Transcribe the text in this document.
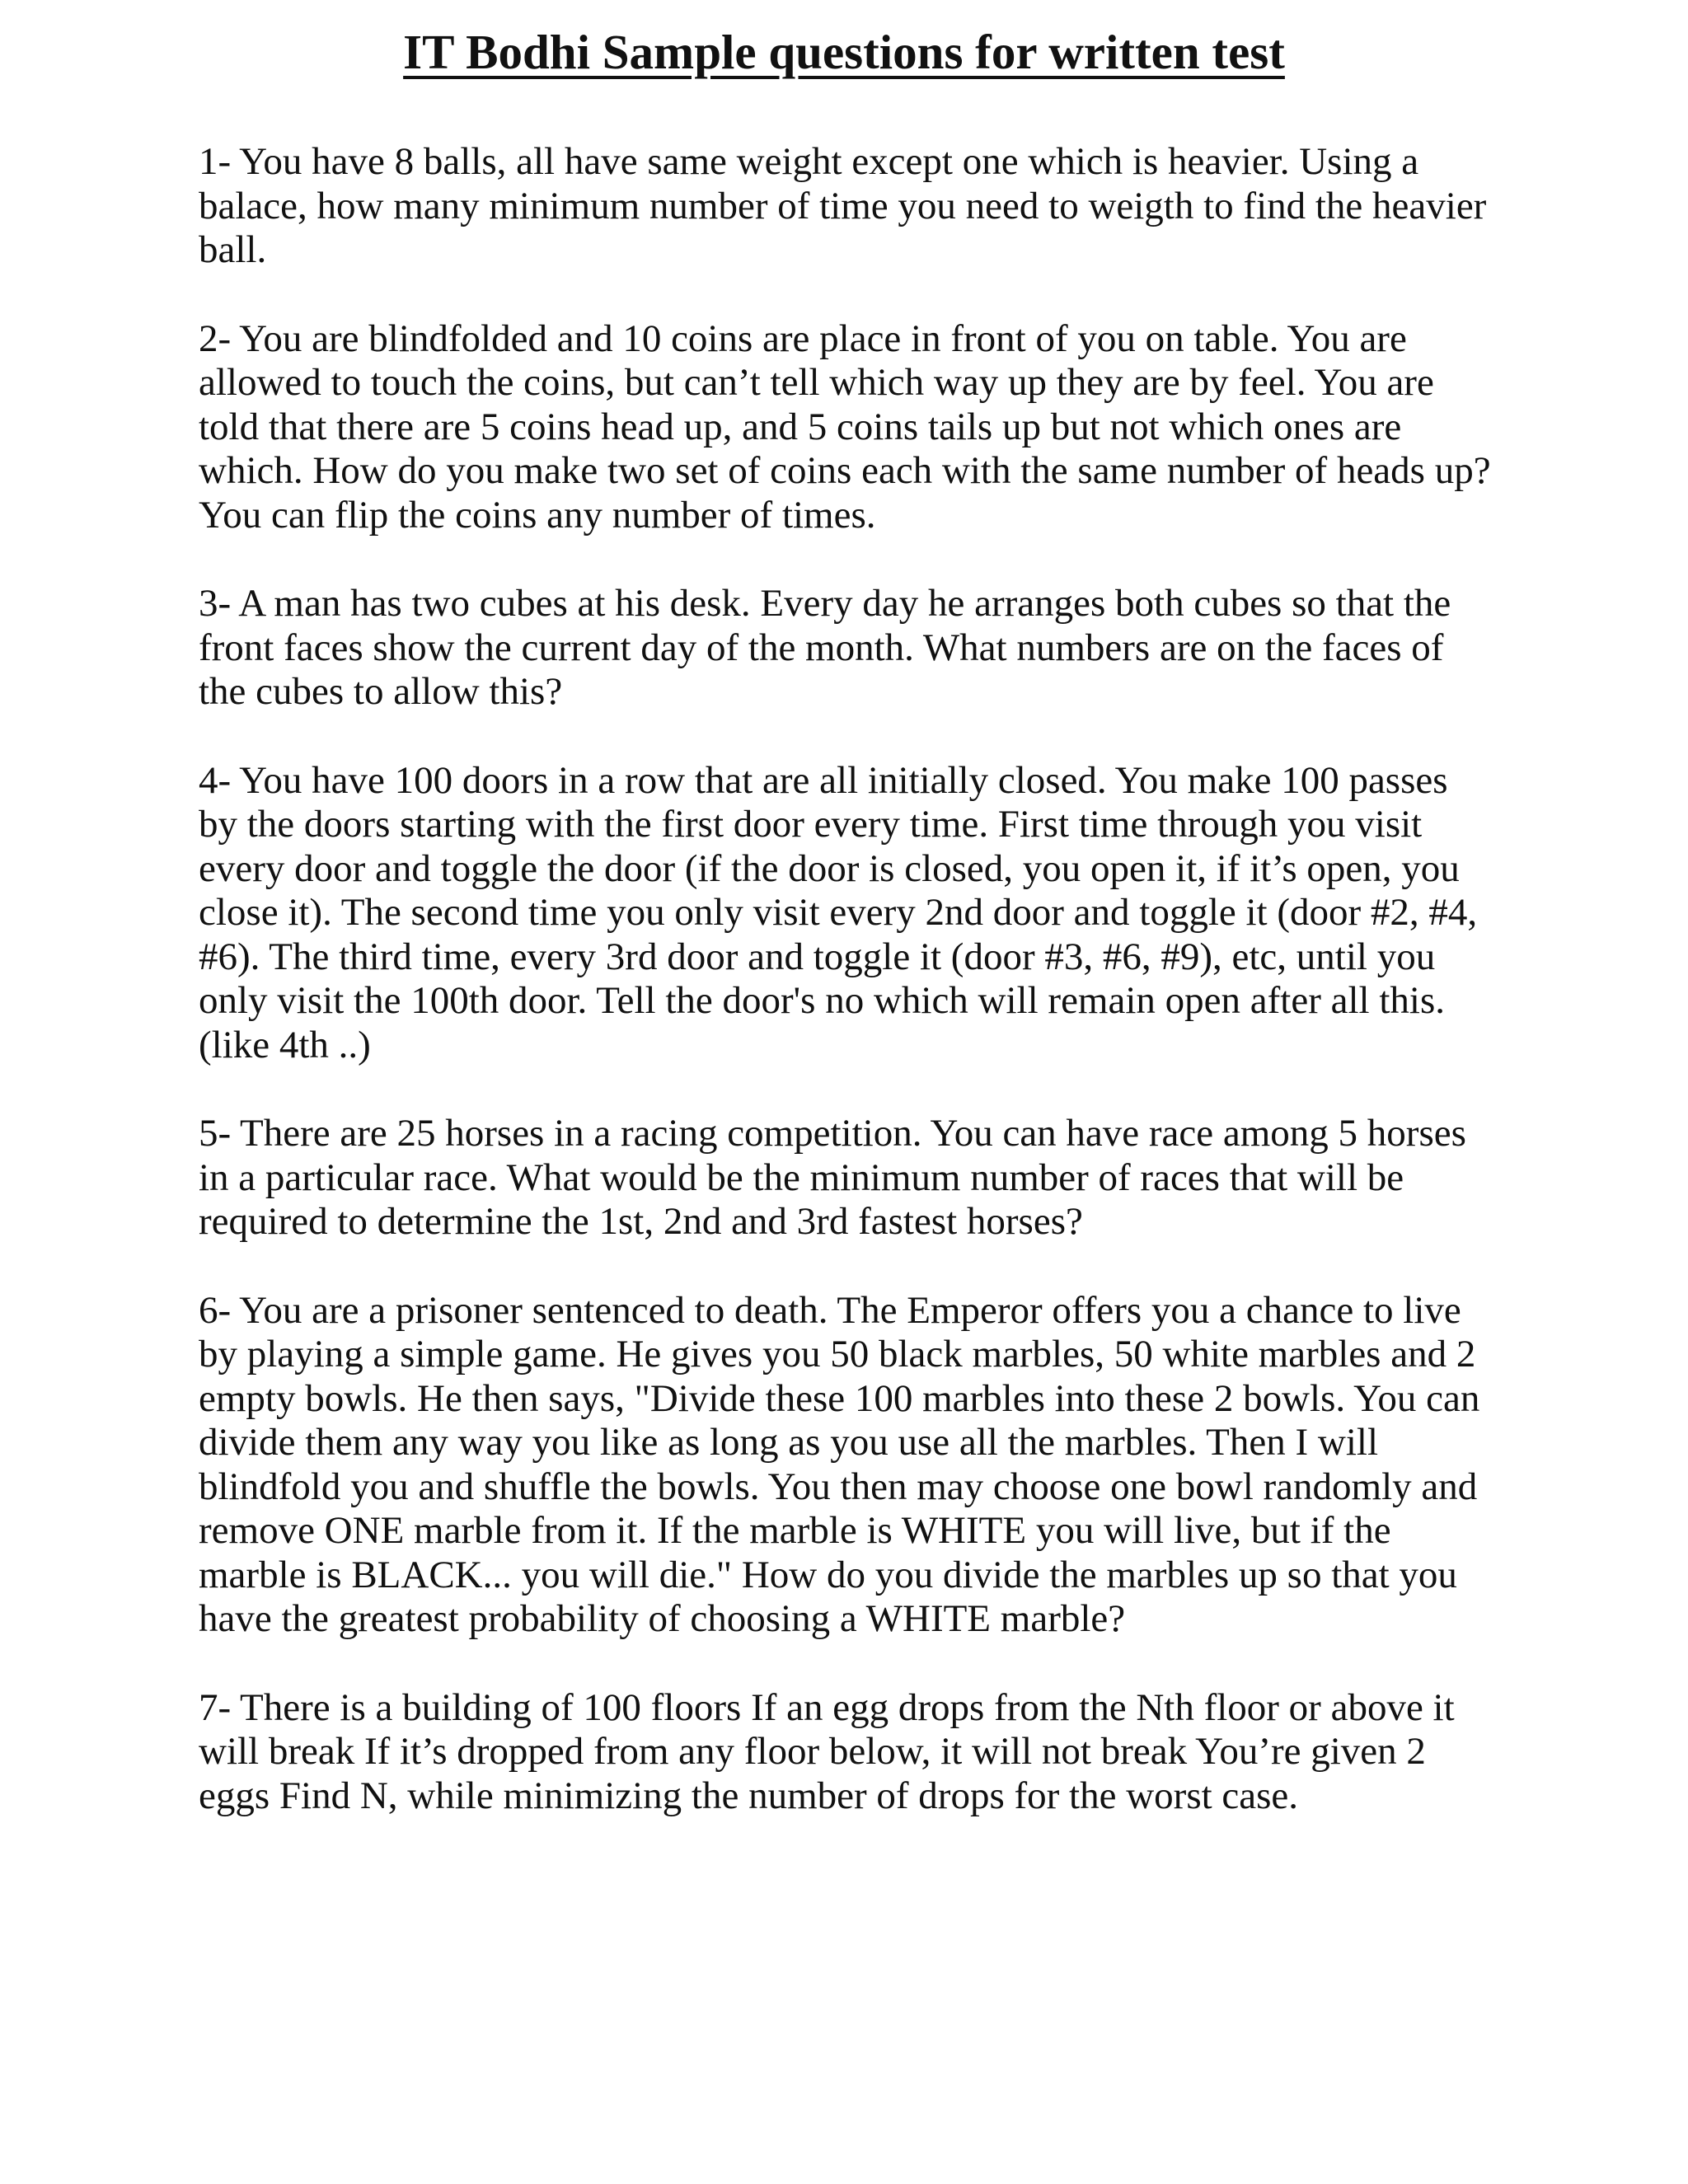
IT Bodhi Sample questions for written test
1- You have 8 balls, all have same weight except one which is heavier. Using a
balace, how many minimum number of time you need to weigth to find the heavier
ball.
2- You are blindfolded and 10 coins are place in front of you on table. You are
allowed to touch the coins, but can’t tell which way up they are by feel. You are
told that there are 5 coins head up, and 5 coins tails up but not which ones are
which. How do you make two set of coins each with the same number of heads up?
You can flip the coins any number of times.
3- A man has two cubes at his desk. Every day he arranges both cubes so that the
front faces show the current day of the month. What numbers are on the faces of
the cubes to allow this?
4- You have 100 doors in a row that are all initially closed. You make 100 passes
by the doors starting with the first door every time. First time through you visit
every door and toggle the door (if the door is closed, you open it, if it’s open, you
close it). The second time you only visit every 2nd door and toggle it (door #2, #4,
#6). The third time, every 3rd door and toggle it (door #3, #6, #9), etc, until you
only visit the 100th door. Tell the door's no which will remain open after all this.
(like 4th ..)
5- There are 25 horses in a racing competition. You can have race among 5 horses
in a particular race. What would be the minimum number of races that will be
required to determine the 1st, 2nd and 3rd fastest horses?
6- You are a prisoner sentenced to death. The Emperor offers you a chance to live
by playing a simple game. He gives you 50 black marbles, 50 white marbles and 2
empty bowls. He then says, "Divide these 100 marbles into these 2 bowls. You can
divide them any way you like as long as you use all the marbles. Then I will
blindfold you and shuffle the bowls. You then may choose one bowl randomly and
remove ONE marble from it. If the marble is WHITE you will live, but if the
marble is BLACK... you will die." How do you divide the marbles up so that you
have the greatest probability of choosing a WHITE marble?
7- There is a building of 100 floors If an egg drops from the Nth floor or above it
will break If it’s dropped from any floor below, it will not break You’re given 2
eggs Find N, while minimizing the number of drops for the worst case.
